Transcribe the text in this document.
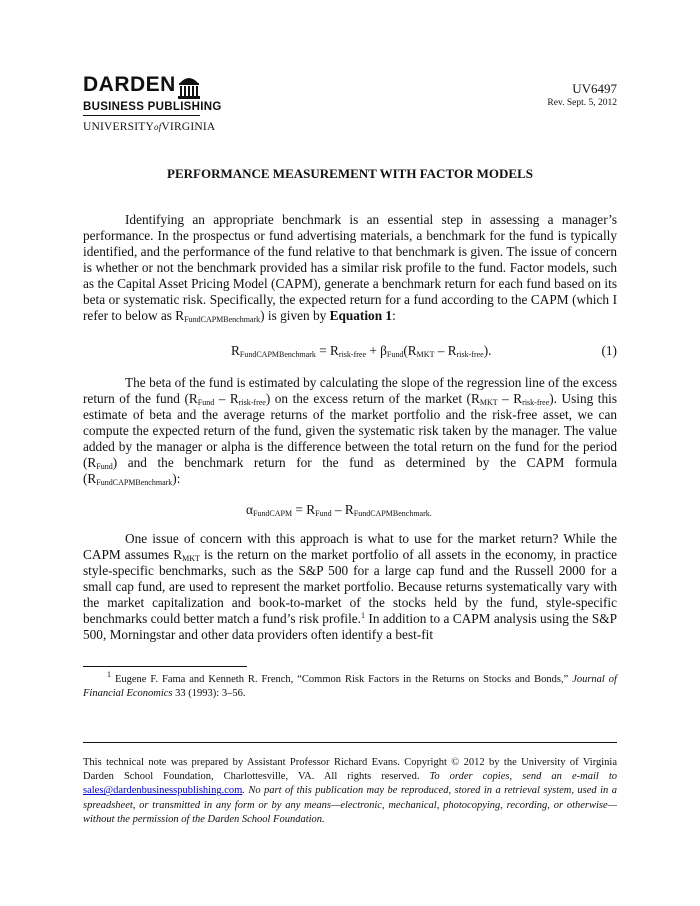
DARDEN
BUSINESS PUBLISHING
UNIVERSITYofVIRGINIA
UV6497
Rev. Sept. 5, 2012
PERFORMANCE MEASUREMENT WITH FACTOR MODELS
Identifying an appropriate benchmark is an essential step in assessing a manager’s performance. In the prospectus or fund advertising materials, a benchmark for the fund is typically identified, and the performance of the fund relative to that benchmark is given. The issue of concern is whether or not the benchmark provided has a similar risk profile to the fund. Factor models, such as the Capital Asset Pricing Model (CAPM), generate a benchmark return for each fund based on its beta or systematic risk. Specifically, the expected return for a fund according to the CAPM (which I refer to below as $R_{FundCAPMBenchmark}$) is given by Equation 1:
$R_{FundCAPMBenchmark} = R_{risk-free} + \beta_{Fund}(R_{MKT} - R_{risk-free})$.	(1)
The beta of the fund is estimated by calculating the slope of the regression line of the excess return of the fund $(R_{Fund} - R_{risk-free})$ on the excess return of the market $(R_{MKT} - R_{risk-free})$. Using this estimate of beta and the average returns of the market portfolio and the risk-free asset, we can compute the expected return of the fund, given the systematic risk taken by the manager. The value added by the manager or alpha is the difference between the total return on the fund for the period $(R_{Fund})$ and the benchmark return for the fund as determined by the CAPM formula $(R_{FundCAPMBenchmark})$:
$\alpha_{FundCAPM} = R_{Fund} - R_{FundCAPMBenchmark.}$
One issue of concern with this approach is what to use for the market return? While the CAPM assumes $R_{MKT}$ is the return on the market portfolio of all assets in the economy, in practice style-specific benchmarks, such as the S&P 500 for a large cap fund and the Russell 2000 for a small cap fund, are used to represent the market portfolio. Because returns systematically vary with the market capitalization and book-to-market of the stocks held by the fund, style-specific benchmarks could better match a fund’s risk profile.$^1$ In addition to a CAPM analysis using the S&P 500, Morningstar and other data providers often identify a best-fit
$^1$ Eugene F. Fama and Kenneth R. French, “Common Risk Factors in the Returns on Stocks and Bonds,” Journal of Financial Economics 33 (1993): 3–56.
This technical note was prepared by Assistant Professor Richard Evans. Copyright © 2012 by the University of Virginia Darden School Foundation, Charlottesville, VA. All rights reserved. To order copies, send an e-mail to sales@dardenbusinesspublishing.com. No part of this publication may be reproduced, stored in a retrieval system, used in a spreadsheet, or transmitted in any form or by any means—electronic, mechanical, photocopying, recording, or otherwise—without the permission of the Darden School Foundation.
